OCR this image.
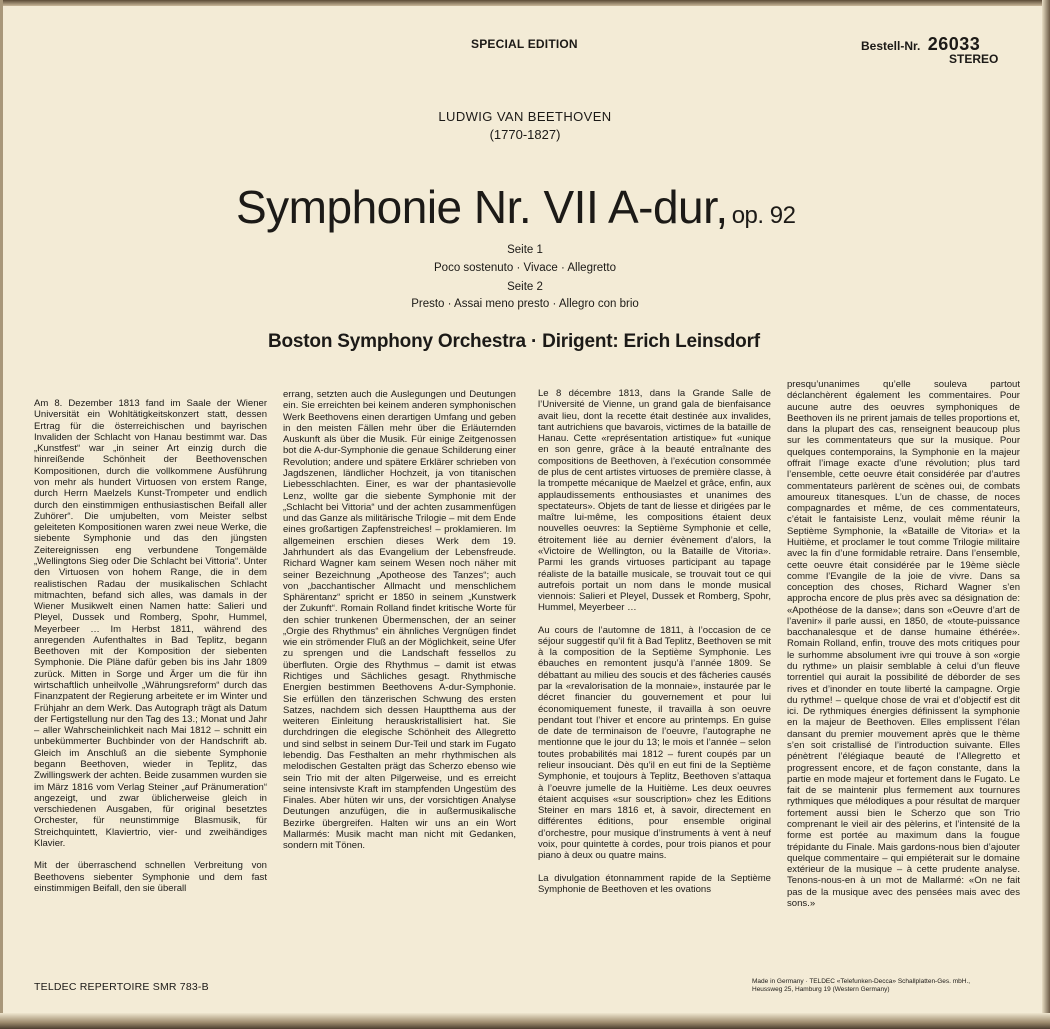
SPECIAL EDITION	Bestell-Nr. 26033
STEREO
LUDWIG VAN BEETHOVEN
(1770-1827)
Symphonie Nr. VII A-dur, op. 92
Seite 1
Poco sostenuto · Vivace · Allegretto
Seite 2
Presto · Assai meno presto · Allegro con brio
Boston Symphony Orchestra · Dirigent: Erich Leinsdorf

Am 8. Dezember 1813 fand im Saale der Wiener Universität ein Wohltätigkeitskonzert statt, dessen Ertrag für die österreichischen und bayrischen Invaliden der Schlacht von Hanau bestimmt war. Das „Kunstfest“ war „in seiner Art einzig durch die hinreißende Schönheit der Beethovenschen Kompositionen, durch die vollkommene Ausführung von mehr als hundert Virtuosen von erstem Range, durch Herrn Maelzels Kunst-Trompeter und endlich durch den einstimmigen enthusiastischen Beifall aller Zuhörer“. Die umjubelten, vom Meister selbst geleiteten Kompositionen waren zwei neue Werke, die siebente Symphonie und das den jüngsten Zeitereignissen eng verbundene Tongemälde „Wellingtons Sieg oder Die Schlacht bei Vittoria“. Unter den Virtuosen von hohem Range, die in dem realistischen Radau der musikalischen Schlacht mitmachten, befand sich alles, was damals in der Wiener Musikwelt einen Namen hatte: Salieri und Pleyel, Dussek und Romberg, Spohr, Hummel, Meyerbeer … Im Herbst 1811, während des anregenden Aufenthaltes in Bad Teplitz, begann Beethoven mit der Komposition der siebenten Symphonie. Die Pläne dafür geben bis ins Jahr 1809 zurück. Mitten in Sorge und Ärger um die für ihn wirtschaftlich unheilvolle „Währungsreform“ durch das Finanzpatent der Regierung arbeitete er im Winter und Frühjahr an dem Werk. Das Autograph trägt als Datum der Fertigstellung nur den Tag des 13.; Monat und Jahr – aller Wahrscheinlichkeit nach Mai 1812 – schnitt ein unbekümmerter Buchbinder von der Handschrift ab. Gleich im Anschluß an die siebente Symphonie begann Beethoven, wieder in Teplitz, das Zwillingswerk der achten. Beide zusammen wurden sie im März 1816 vom Verlag Steiner „auf Pränumeration“ angezeigt, und zwar üblicherweise gleich in verschiedenen Ausgaben, für original besetztes Orchester, für neunstimmige Blasmusik, für Streichquintett, Klaviertrio, vier- und zweihändiges Klavier.

Mit der überraschend schnellen Verbreitung von Beethovens siebenter Symphonie und dem fast einstimmigen Beifall, den sie überall

errang, setzten auch die Auslegungen und Deutungen ein. Sie erreichten bei keinem anderen symphonischen Werk Beethovens einen derartigen Umfang und geben in den meisten Fällen mehr über die Erläuternden Auskunft als über die Musik. Für einige Zeitgenossen bot die A-dur-Symphonie die genaue Schilderung einer Revolution; andere und spätere Erklärer schrieben von Jagdszenen, ländlicher Hochzeit, ja von titanischen Liebesschlachten. Einer, es war der phantasievolle Lenz, wollte gar die siebente Symphonie mit der „Schlacht bei Vittoria“ und der achten zusammenfügen und das Ganze als militärische Trilogie – mit dem Ende eines großartigen Zapfenstreiches! – proklamieren. Im allgemeinen erschien dieses Werk dem 19. Jahrhundert als das Evangelium der Lebensfreude. Richard Wagner kam seinem Wesen noch näher mit seiner Bezeichnung „Apotheose des Tanzes“; auch von „bacchantischer Allmacht und menschlichem Sphärentanz“ spricht er 1850 in seinem „Kunstwerk der Zukunft“. Romain Rolland findet kritische Worte für den schier trunkenen Übermenschen, der an seiner „Orgie des Rhythmus“ ein ähnliches Vergnügen findet wie ein strömender Fluß an der Möglichkeit, seine Ufer zu sprengen und die Landschaft fessellos zu überfluten. Orgie des Rhythmus – damit ist etwas Richtiges und Sächliches gesagt. Rhythmische Energien bestimmen Beethovens A-dur-Symphonie. Sie erfüllen den tänzerischen Schwung des ersten Satzes, nachdem sich dessen Hauptthema aus der weiteren Einleitung herauskristallisiert hat. Sie durchdringen die elegische Schönheit des Allegretto und sind selbst in seinem Dur-Teil und stark im Fugato lebendig. Das Festhalten an mehr rhythmischen als melodischen Gestalten prägt das Scherzo ebenso wie sein Trio mit der alten Pilgerweise, und es erreicht seine intensivste Kraft im stampfenden Ungestüm des Finales. Aber hüten wir uns, der vorsichtigen Analyse Deutungen anzufügen, die in außermusikalische Bezirke übergreifen. Halten wir uns an ein Wort Mallarmés: Musik macht man nicht mit Gedanken, sondern mit Tönen.

Le 8 décembre 1813, dans la Grande Salle de l’Université de Vienne, un grand gala de bienfaisance avait lieu, dont la recette était destinée aux invalides, tant autrichiens que bavarois, victimes de la bataille de Hanau. Cette «représentation artistique» fut «unique en son genre, grâce à la beauté entraînante des compositions de Beethoven, à l’exécution consommée de plus de cent artistes virtuoses de première classe, à la trompette mécanique de Maelzel et grâce, enfin, aux applaudissements enthousiastes et unanimes des spectateurs». Objets de tant de liesse et dirigées par le maître lui-même, les compositions étaient deux nouvelles oeuvres: la Septième Symphonie et celle, étroitement liée au dernier évènement d’alors, la «Victoire de Wellington, ou la Bataille de Vitoria». Parmi les grands virtuoses participant au tapage réaliste de la bataille musicale, se trouvait tout ce qui autrefois portait un nom dans le monde musical viennois: Salieri et Pleyel, Dussek et Romberg, Spohr, Hummel, Meyerbeer …

Au cours de l’automne de 1811, à l’occasion de ce séjour suggestif qu’il fit à Bad Teplitz, Beethoven se mit à la composition de la Septième Symphonie. Les ébauches en remontent jusqu’à l’année 1809. Se débattant au milieu des soucis et des fâcheries causés par la «revalorisation de la monnaie», instaurée par le décret financier du gouvernement et pour lui économiquement funeste, il travailla à son oeuvre pendant tout l’hiver et encore au printemps. En guise de date de terminaison de l’oeuvre, l’autographe ne mentionne que le jour du 13; le mois et l’année – selon toutes probabilités mai 1812 – furent coupés par un relieur insouciant. Dès qu’il en eut fini de la Septième Symphonie, et toujours à Teplitz, Beethoven s’attaqua à l’oeuvre jumelle de la Huitième. Les deux oeuvres étaient acquises «sur souscription» chez les Editions Steiner en mars 1816 et, à savoir, directement en différentes éditions, pour ensemble original d’orchestre, pour musique d’instruments à vent à neuf voix, pour quintette à cordes, pour trois pianos et pour piano à deux ou quatre mains.

La divulgation étonnamment rapide de la Septième Symphonie de Beethoven et les ovations

presqu’unanimes qu’elle souleva partout déclanchèrent également les commentaires. Pour aucune autre des oeuvres symphoniques de Beethoven ils ne prirent jamais de telles proportions et, dans la plupart des cas, renseignent beaucoup plus sur les commentateurs que sur la musique. Pour quelques contemporains, la Symphonie en la majeur offrait l’image exacte d’une révolution; plus tard l’ensemble, cette oeuvre était considérée par d’autres commentateurs parlèrent de scènes oui, de combats amoureux titanesques. L’un de chasse, de noces compagnardes et même, de ces commentateurs, c’était le fantaisiste Lenz, voulait même réunir la Septième Symphonie, la «Bataille de Vitoria» et la Huitième, et proclamer le tout comme Trilogie militaire avec la fin d’une formidable retraire. Dans l’ensemble, cette oeuvre était considérée par le 19ème siècle comme l’Evangile de la joie de vivre. Dans sa conception des choses, Richard Wagner s’en approcha encore de plus près avec sa désignation de: «Apothéose de la danse»; dans son «Oeuvre d’art de l’avenir» il parle aussi, en 1850, de «toute-puissance bacchanalesque et de danse humaine éthérée». Romain Rolland, enfin, trouve des mots critiques pour le surhomme absolument ivre qui trouve à son «orgie du rythme» un plaisir semblable à celui d’un fleuve torrentiel qui aurait la possibilité de déborder de ses rives et d’inonder en toute liberté la campagne. Orgie du rythme! – quelque chose de vrai et d’objectif est dit ici. De rythmiques énergies définissent la symphonie en la majeur de Beethoven. Elles emplissent l’élan dansant du premier mouvement après que le thème s’en soit cristallisé de l’introduction suivante. Elles pénètrent l’élégiaque beauté de l’Allegretto et progressent encore, et de façon constante, dans la partie en mode majeur et fortement dans le Fugato. Le fait de se maintenir plus fermement aux tournures rythmiques que mélodiques a pour résultat de marquer fortement aussi bien le Scherzo que son Trio comprenant le vieil air des pèlerins, et l’intensité de la forme est portée au maximum dans la fougue trépidante du Finale. Mais gardons-nous bien d’ajouter quelque commentaire – qui empiéterait sur le domaine extérieur de la musique – à cette prudente analyse. Tenons-nous-en à un mot de Mallarmé: «On ne fait pas de la musique avec des pensées mais avec des sons.»

TELDEC REPERTOIRE SMR 783-B	Made in Germany · TELDEC «Telefunken-Decca» Schallplatten-Ges. mbH.,
Heussweg 25, Hamburg 19 (Western Germany)
